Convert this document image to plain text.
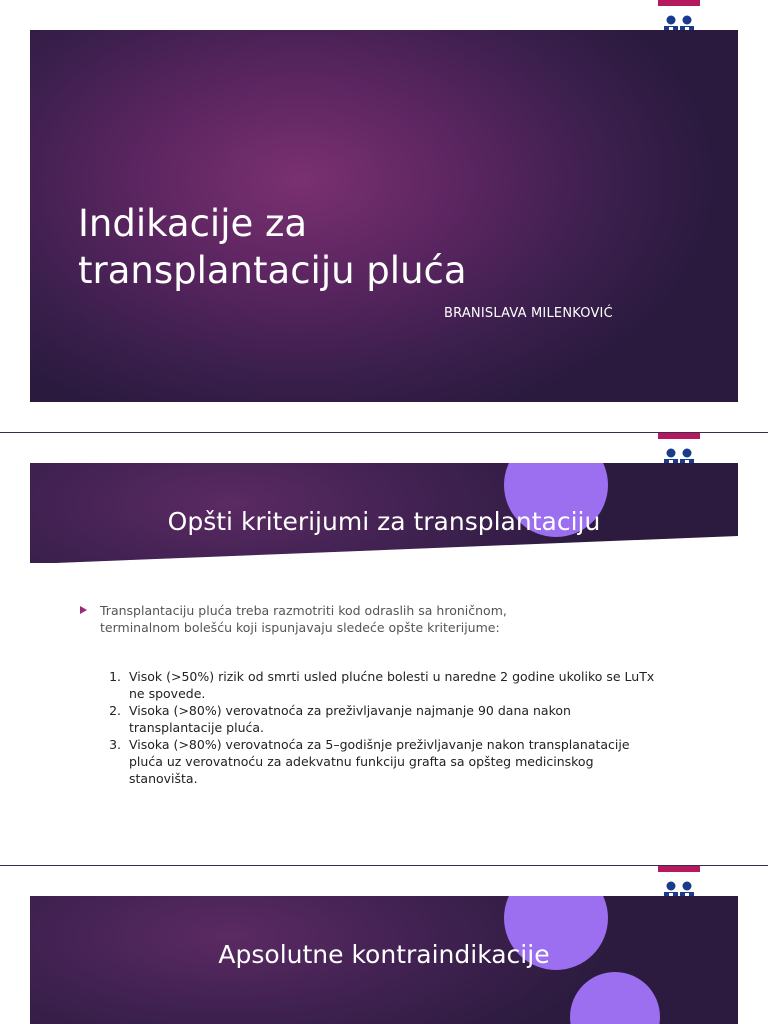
Indikacije za
transplantaciju pluća

BRANISLAVA MILENKOVIĆ

Opšti kriterijumi za transplantaciju

Transplantaciju pluća treba razmotriti kod odraslih sa hroničnom, terminalnom bolešću koji ispunjavaju sledeće opšte kriterijume:

1. Visok (>50%) rizik od smrti usled plućne bolesti u naredne 2 godine ukoliko se LuTx ne spovede.
2. Visoka (>80%) verovatnoća za preživljavanje najmanje 90 dana nakon transplantacije pluća.
3. Visoka (>80%) verovatnoća za 5–godišnje preživljavanje nakon transplanatacije pluća uz verovatnoću za adekvatnu funkciju grafta sa opšteg medicinskog stanovišta.
Apsolutne kontraindikacije
